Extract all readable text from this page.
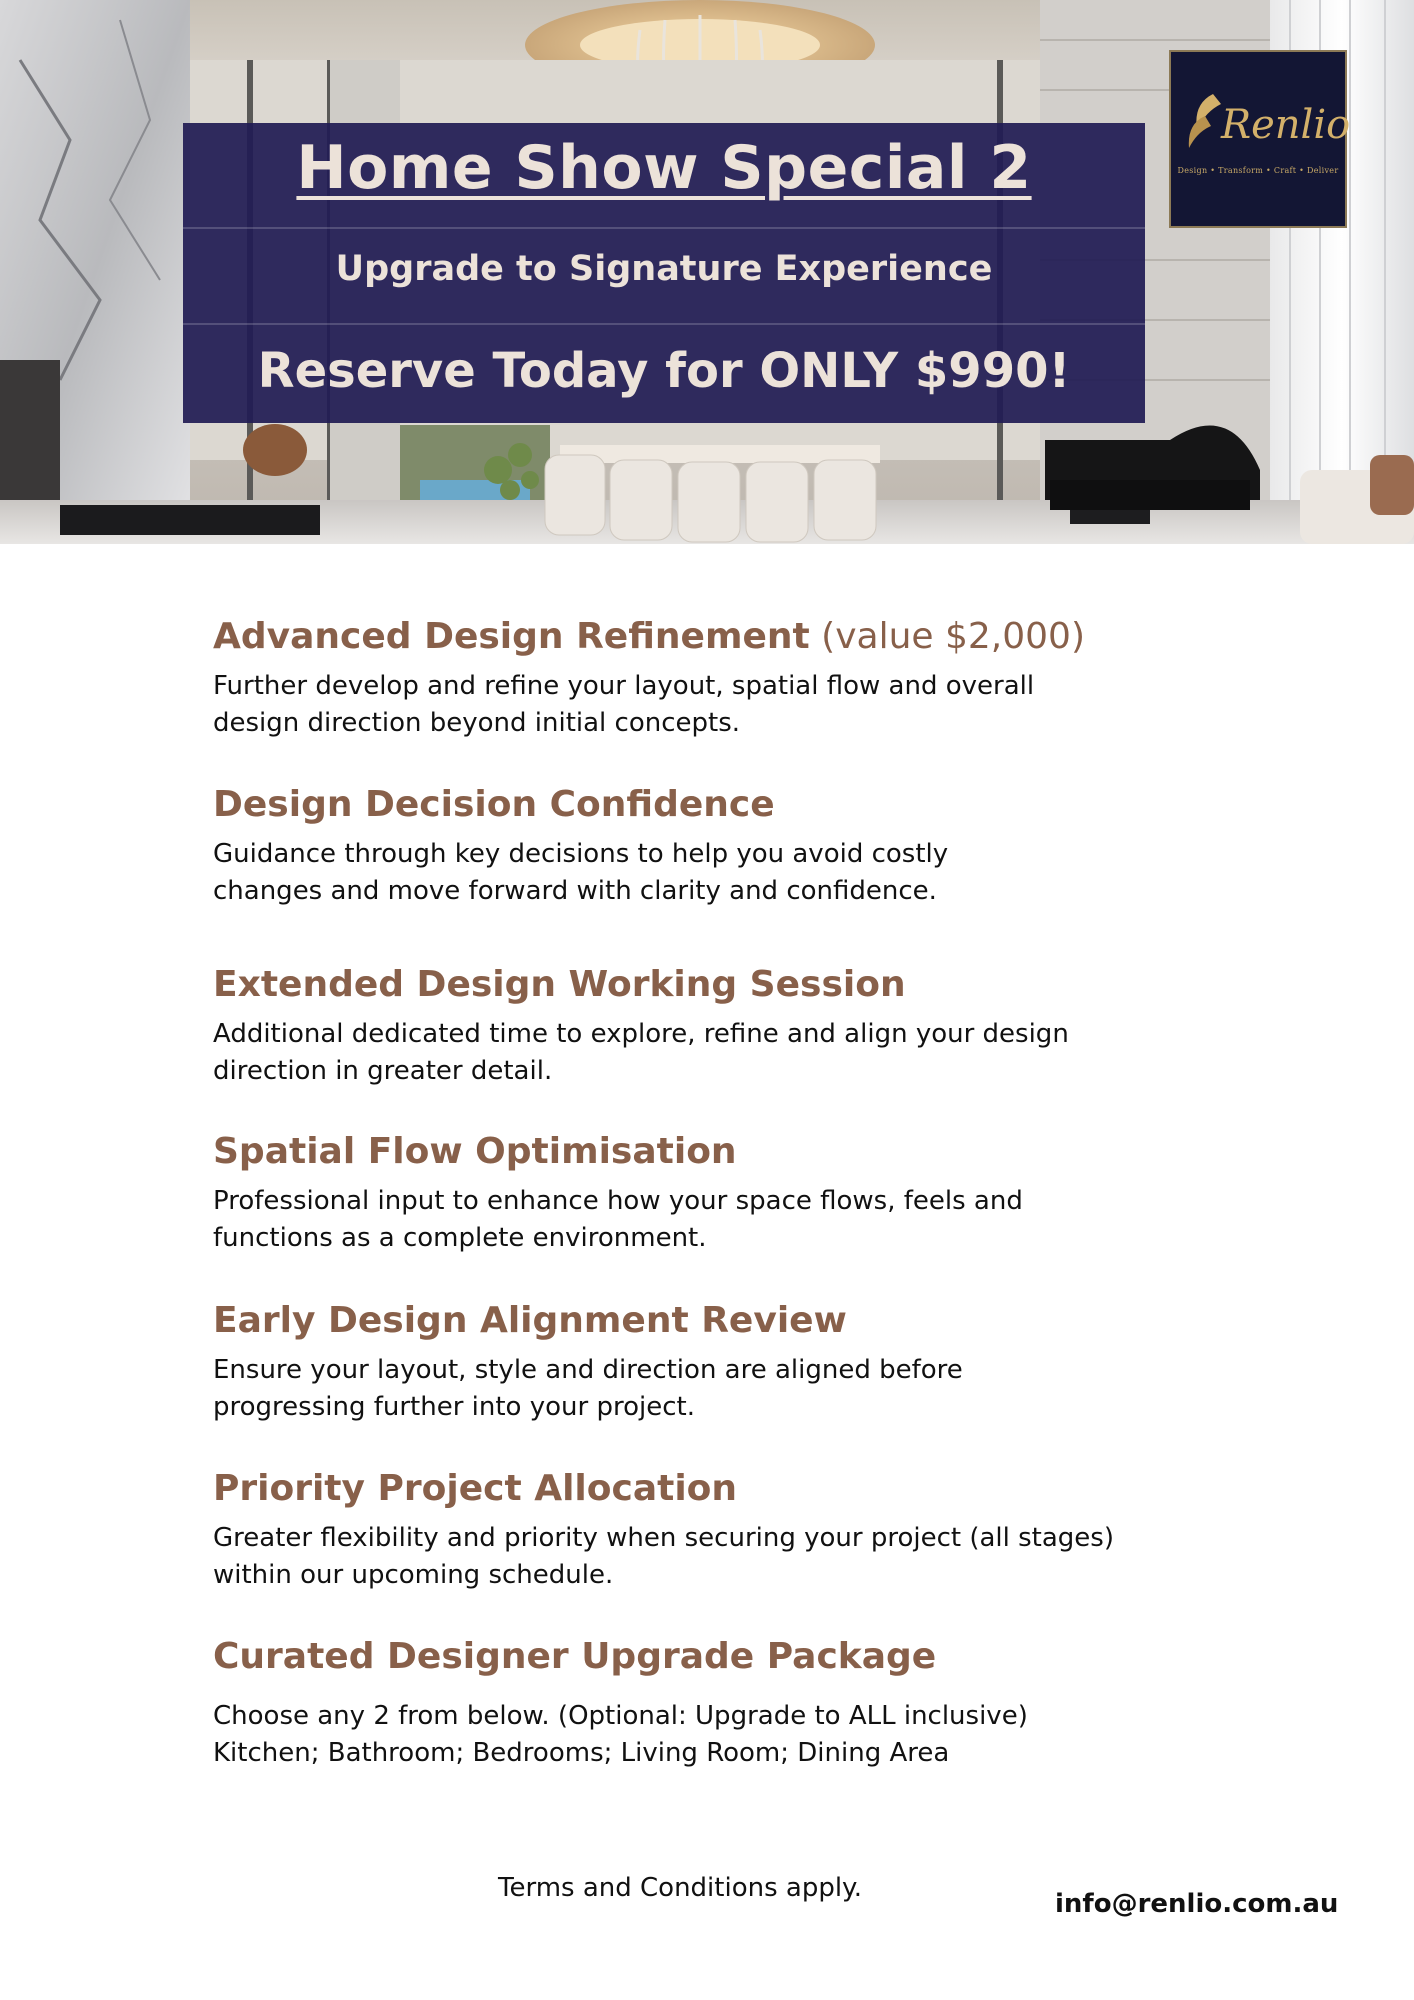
Home Show Special 2
Upgrade to Signature Experience
Reserve Today for ONLY $990!
Renlio
Design • Transform • Craft • Deliver
Advanced Design Refinement (value $2,000)
Further develop and refine your layout, spatial flow and overall
design direction beyond initial concepts.
Design Decision Confidence
Guidance through key decisions to help you avoid costly
changes and move forward with clarity and confidence.
Extended Design Working Session
Additional dedicated time to explore, refine and align your design
direction in greater detail.
Spatial Flow Optimisation
Professional input to enhance how your space flows, feels and
functions as a complete environment.
Early Design Alignment Review
Ensure your layout, style and direction are aligned before
progressing further into your project.
Priority Project Allocation
Greater flexibility and priority when securing your project (all stages)
within our upcoming schedule.
Curated Designer Upgrade Package
Choose any 2 from below. (Optional: Upgrade to ALL inclusive)
Kitchen; Bathroom; Bedrooms; Living Room; Dining Area
Terms and Conditions apply.
info@renlio.com.au
